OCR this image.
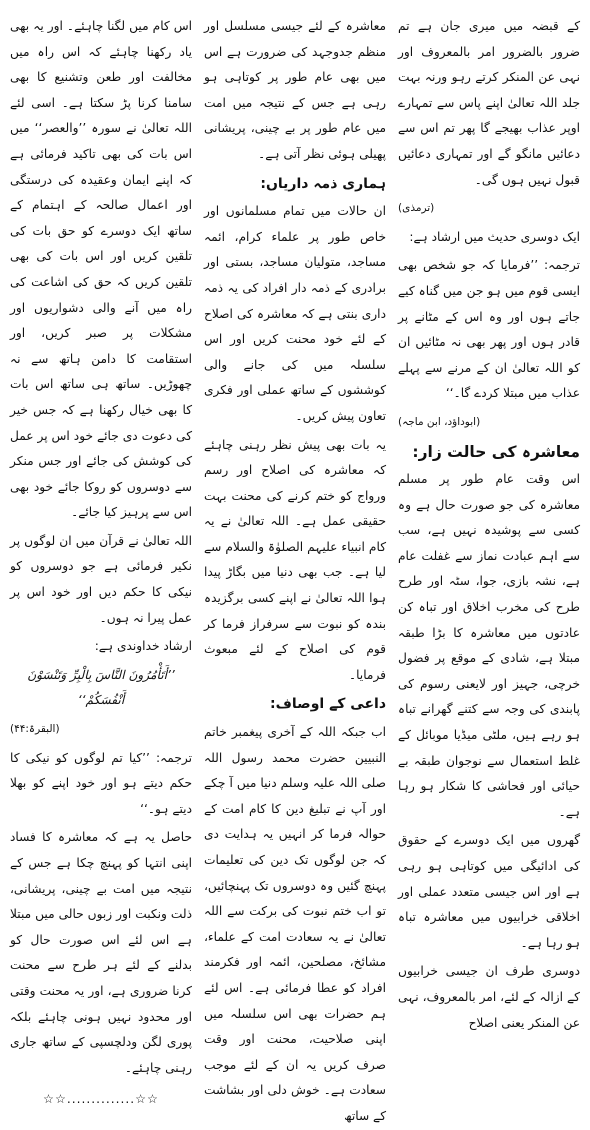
کے قبضہ میں میری جان ہے تم ضرور بالضرور امر بالمعروف اور نہی عن المنکر کرتے رہو ورنہ بہت جلد اللہ تعالیٰ اپنے پاس سے تمہارے اوپر عذاب بھیجے گا پھر تم اس سے دعائیں مانگو گے اور تمہاری دعائیں قبول نہیں ہوں گی۔

(ترمذی)

ایک دوسری حدیث میں ارشاد ہے:

ترجمہ: ’’فرمایا کہ جو شخص بھی ایسی قوم میں ہو جن میں گناہ کیے جاتے ہوں اور وہ اس کے مٹانے پر قادر ہوں اور پھر بھی نہ مٹائیں ان کو اللہ تعالیٰ ان کے مرنے سے پہلے عذاب میں مبتلا کردے گا۔‘‘

(ابوداؤد، ابن ماجہ)

معاشرہ کی حالت زار:

اس وقت عام طور پر مسلم معاشرہ کی جو صورت حال ہے وہ کسی سے پوشیدہ نہیں ہے، سب سے اہم عبادت نماز سے غفلت عام ہے، نشہ بازی، جوا، سٹہ اور طرح طرح کی مخرب اخلاق اور تباہ کن عادتوں میں معاشرہ کا بڑا طبقہ مبتلا ہے، شادی کے موقع پر فضول خرچی، جہیز اور لایعنی رسوم کی پابندی کی وجہ سے کتنے گھرانے تباہ ہو رہے ہیں، ملٹی میڈیا موبائل کے غلط استعمال سے نوجوان طبقہ بے حیائی اور فحاشی کا شکار ہو رہا ہے۔

گھروں میں ایک دوسرے کے حقوق کی ادائیگی میں کوتاہی ہو رہی ہے اور اس جیسی متعدد عملی اور اخلاقی خرابیوں میں معاشرہ تباہ ہو رہا ہے۔

دوسری طرف ان جیسی خرابیوں کے ازالہ کے لئے، امر بالمعروف، نہی عن المنکر یعنی اصلاح

معاشرہ کے لئے جیسی مسلسل اور منظم جدوجہد کی ضرورت ہے اس میں بھی عام طور پر کوتاہی ہو رہی ہے جس کے نتیجہ میں امت میں عام طور پر بے چینی، پریشانی پھیلی ہوئی نظر آتی ہے۔

ہماری ذمہ داریاں:

ان حالات میں تمام مسلمانوں اور خاص طور پر علماء کرام، ائمہ مساجد، متولیان مساجد، بستی اور برادری کے ذمہ دار افراد کی یہ ذمہ داری بنتی ہے کہ معاشرہ کی اصلاح کے لئے خود محنت کریں اور اس سلسلہ میں کی جانے والی کوششوں کے ساتھ عملی اور فکری تعاون پیش کریں۔

یہ بات بھی پیش نظر رہنی چاہئے کہ معاشرہ کی اصلاح اور رسم ورواج کو ختم کرنے کی محنت بہت حقیقی عمل ہے۔ اللہ تعالیٰ نے یہ کام انبیاء علیہم الصلوٰۃ والسلام سے لیا ہے۔ جب بھی دنیا میں بگاڑ پیدا ہوا اللہ تعالیٰ نے اپنے کسی برگزیدہ بندہ کو نبوت سے سرفراز فرما کر قوم کی اصلاح کے لئے مبعوث فرمایا۔

داعی کے اوصاف:

اب جبکہ اللہ کے آخری پیغمبر خاتم النبیین حضرت محمد رسول اللہ صلی اللہ علیہ وسلم دنیا میں آ چکے اور آپ نے تبلیغ دین کا کام امت کے حوالہ فرما کر انہیں یہ ہدایت دی کہ جن لوگوں تک دین کی تعلیمات پہنچ گئیں وہ دوسروں تک پہنچائیں، تو اب ختم نبوت کی برکت سے اللہ تعالیٰ نے یہ سعادت امت کے علماء، مشائخ، مصلحین، ائمہ اور فکرمند افراد کو عطا فرمائی ہے۔ اس لئے ہم حضرات بھی اس سلسلہ میں اپنی صلاحیت، محنت اور وقت صرف کریں یہ ان کے لئے موجب سعادت ہے۔ خوش دلی اور بشاشت کے ساتھ

اس کام میں لگنا چاہئے۔ اور یہ بھی یاد رکھنا چاہئے کہ اس راہ میں مخالفت اور طعن وتشنیع کا بھی سامنا کرنا پڑ سکتا ہے۔ اسی لئے اللہ تعالیٰ نے سورہ ’’والعصر‘‘ میں اس بات کی بھی تاکید فرمائی ہے کہ اپنے ایمان وعقیدہ کی درستگی اور اعمال صالحہ کے اہتمام کے ساتھ ایک دوسرے کو حق بات کی تلقین کریں اور اس بات کی بھی تلقین کریں کہ حق کی اشاعت کی راہ میں آنے والی دشواریوں اور مشکلات پر صبر کریں، اور استقامت کا دامن ہاتھ سے نہ چھوڑیں۔ ساتھ ہی ساتھ اس بات کا بھی خیال رکھنا ہے کہ جس خیر کی دعوت دی جائے خود اس پر عمل کی کوشش کی جائے اور جس منکر سے دوسروں کو روکا جائے خود بھی اس سے پرہیز کیا جائے۔

اللہ تعالیٰ نے قرآن میں ان لوگوں پر نکیر فرمائی ہے جو دوسروں کو نیکی کا حکم دیں اور خود اس پر عمل پیرا نہ ہوں۔

ارشاد خداوندی ہے:

’’أَتَأْمُرُونَ النَّاسَ بِالْبِرِّ وَتَنْسَوْنَ أَنْفُسَكُمْ‘‘

(البقرۃ:۴۴)

ترجمہ: ’’کیا تم لوگوں کو نیکی کا حکم دیتے ہو اور خود اپنے کو بھلا دیتے ہو۔‘‘

حاصل یہ ہے کہ معاشرہ کا فساد اپنی انتہا کو پہنچ چکا ہے جس کے نتیجہ میں امت بے چینی، پریشانی، ذلت ونکبت اور زبوں حالی میں مبتلا ہے اس لئے اس صورت حال کو بدلنے کے لئے ہر طرح سے محنت کرنا ضروری ہے، اور یہ محنت وقتی اور محدود نہیں ہونی چاہئے بلکہ پوری لگن ودلچسپی کے ساتھ جاری رہنی چاہئے۔

☆☆..............☆☆
